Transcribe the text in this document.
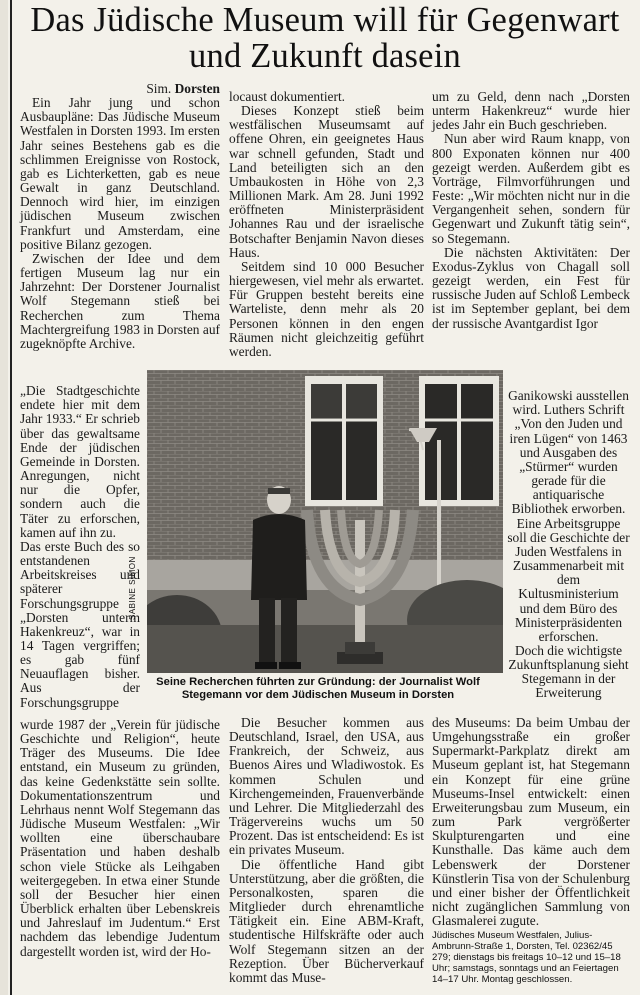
Das Jüdische Museum will für Gegenwart und Zukunft dasein

Sim. Dorsten

Ein Jahr jung und schon Ausbaupläne: Das Jüdische Museum Westfalen in Dorsten 1993. Im ersten Jahr seines Bestehens gab es die schlimmen Ereignisse von Rostock, gab es Lichterketten, gab es neue Gewalt in ganz Deutschland. Dennoch wird hier, im einzigen jüdischen Museum zwischen Frankfurt und Amsterdam, eine positive Bilanz gezogen.

Zwischen der Idee und dem fertigen Museum lag nur ein Jahrzehnt: Der Dorstener Journalist Wolf Stegemann stieß bei Recherchen zum Thema Machtergreifung 1983 in Dorsten auf zugeknöpfte Archive.

„Die Stadtgeschichte endete hier mit dem Jahr 1933.“ Er schrieb über das gewaltsame Ende der jüdischen Gemeinde in Dorsten. Anregungen, nicht nur die Opfer, sondern auch die Täter zu erforschen, kamen auf ihn zu.
Das erste Buch des so entstandenen Arbeitskreises und späterer Forschungsgruppe „Dorsten unterm Hakenkreuz“, war in 14 Tagen vergriffen; es gab fünf Neuauflagen bisher. Aus der Forschungsgruppe

wurde 1987 der „Verein für jüdische Geschichte und Religion“, heute Träger des Museums. Die Idee entstand, ein Museum zu gründen, das keine Gedenkstätte sein sollte. Dokumentationszentrum und Lehrhaus nennt Wolf Stegemann das Jüdische Museum Westfalen: „Wir wollten eine überschaubare Präsentation und haben deshalb schon viele Stücke als Leihgaben weitergegeben. In etwa einer Stunde soll der Besucher hier einen Überblick erhalten über Lebenskreis und Jahreslauf im Judentum.“ Erst nachdem das lebendige Judentum dargestellt worden ist, wird der Ho-

locaust dokumentiert.

Dieses Konzept stieß beim westfälischen Museumsamt auf offene Ohren, ein geeignetes Haus war schnell gefunden, Stadt und Land beteiligten sich an den Umbaukosten in Höhe von 2,3 Millionen Mark. Am 28. Juni 1992 eröffneten Ministerpräsident Johannes Rau und der israelische Botschafter Benjamin Navon dieses Haus.

Seitdem sind 10 000 Besucher hiergewesen, viel mehr als erwartet. Für Gruppen besteht bereits eine Warteliste, denn mehr als 20 Personen können in den engen Räumen nicht gleichzeitig geführt werden.

um zu Geld, denn nach „Dorsten unterm Hakenkreuz“ wurde hier jedes Jahr ein Buch geschrieben.

Nun aber wird Raum knapp, von 800 Exponaten können nur 400 gezeigt werden. Außerdem gibt es Vorträge, Filmvorführungen und Feste: „Wir möchten nicht nur in die Vergangenheit sehen, sondern für Gegenwart und Zukunft tätig sein“, so Stegemann.

Die nächsten Aktivitäten: Der Exodus-Zyklus von Chagall soll gezeigt werden, ein Fest für russische Juden auf Schloß Lembeck ist im September geplant, bei dem der russische Avantgardist Igor

Ganikowski ausstellen wird. Luthers Schrift „Von den Juden und iren Lügen“ von 1463 und Ausgaben des „Stürmer“ wurden gerade für die antiquarische Bibliothek erworben.
Eine Arbeitsgruppe soll die Geschichte der Juden Westfalens in Zusammenarbeit mit dem Kultusministerium und dem Büro des Ministerpräsidenten erforschen.
Doch die wichtigste Zukunftsplanung sieht Stegemann in der Erweiterung

SABINE SIMON
Seine Recherchen führten zur Gründung: der Journalist Wolf Stegemann vor dem Jüdischen Museum in Dorsten

Die Besucher kommen aus Deutschland, Israel, den USA, aus Frankreich, der Schweiz, aus Buenos Aires und Wladiwostok. Es kommen Schulen und Kirchengemeinden, Frauenverbände und Lehrer. Die Mitgliederzahl des Trägervereins wuchs um 50 Prozent. Das ist entscheidend: Es ist ein privates Museum.

Die öffentliche Hand gibt Unterstützung, aber die größten, die Personalkosten, sparen die Mitglieder durch ehrenamtliche Tätigkeit ein. Eine ABM-Kraft, studentische Hilfskräfte oder auch Wolf Stegemann sitzen an der Rezeption. Über Bücherverkauf kommt das Muse-

des Museums: Da beim Umbau der Umgehungsstraße ein großer Supermarkt-Parkplatz direkt am Museum geplant ist, hat Stegemann ein Konzept für eine grüne Museums-Insel entwickelt: einen Erweiterungsbau zum Museum, ein zum Park vergrößerter Skulpturengarten und eine Kunsthalle. Das käme auch dem Lebenswerk der Dorstener Künstlerin Tisa von der Schulenburg und einer bisher der Öffentlichkeit nicht zugänglichen Sammlung von Glasmalerei zugute.

Jüdisches Museum Westfalen, Julius-Ambrunn-Straße 1, Dorsten, Tel. 02362/45 279; dienstags bis freitags 10–12 und 15–18 Uhr; samstags, sonntags und an Feiertagen 14–17 Uhr. Montag geschlossen.
